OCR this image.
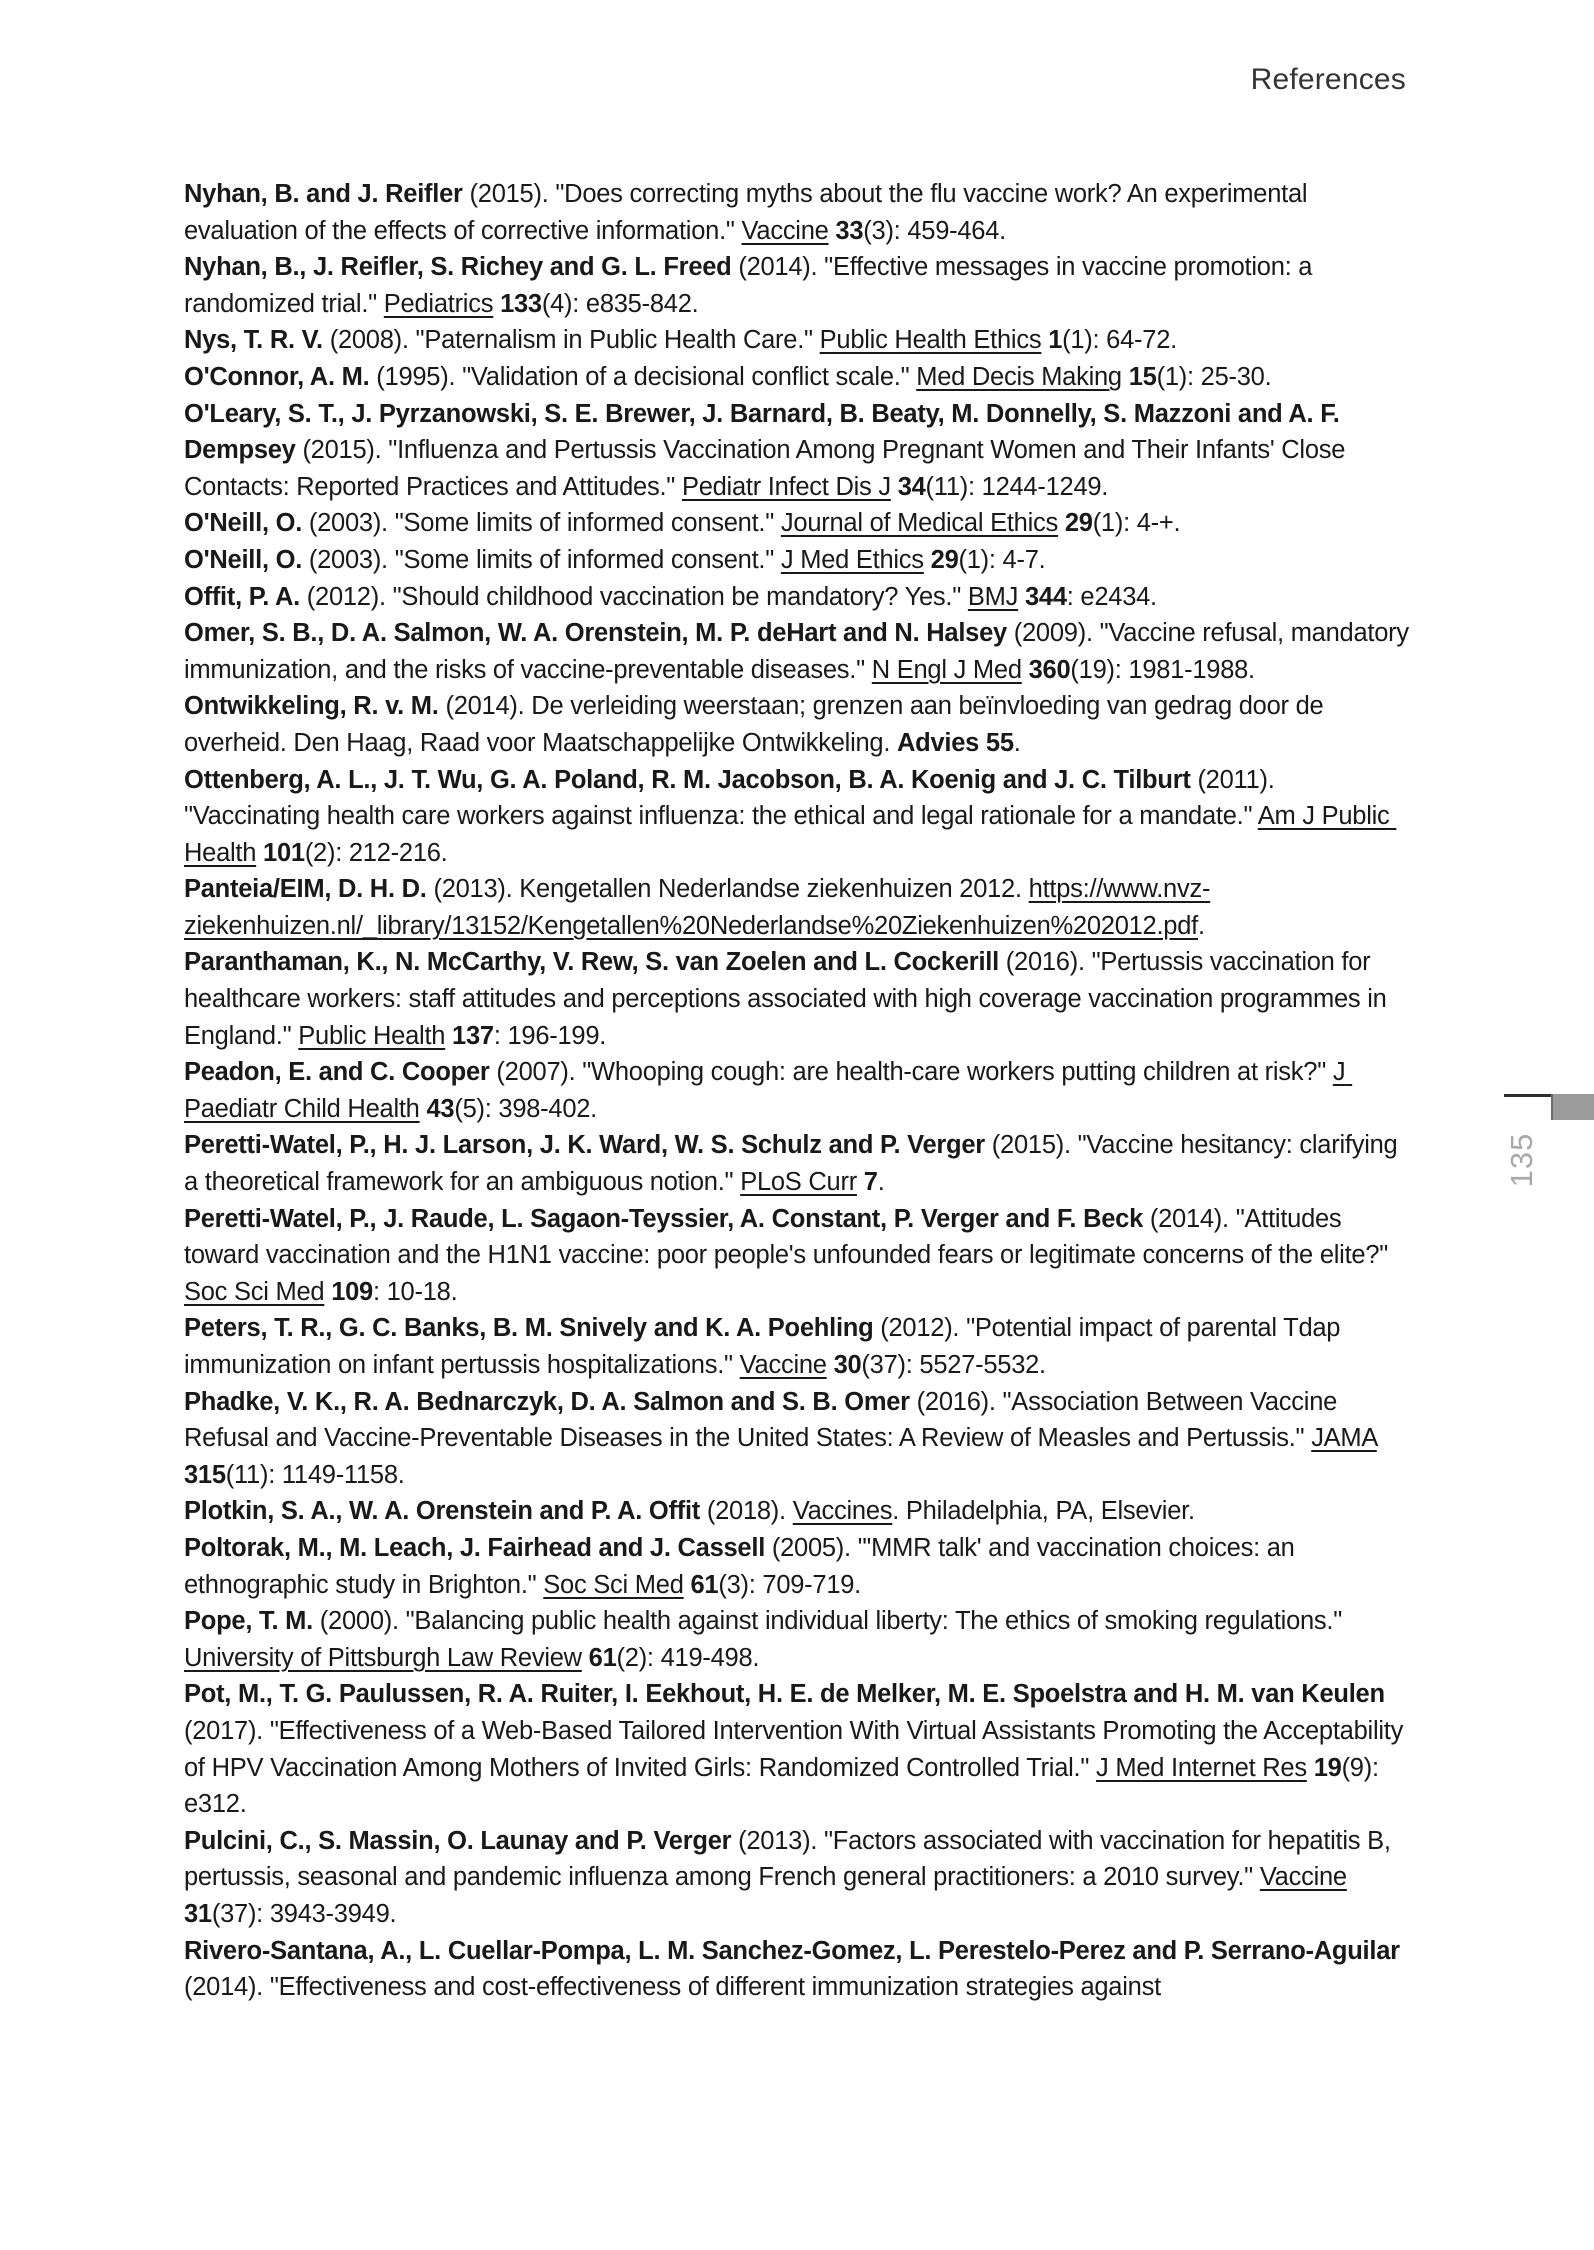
References

Nyhan, B. and J. Reifler (2015). "Does correcting myths about the flu vaccine work? An experimental evaluation of the effects of corrective information." Vaccine 33(3): 459-464.

Nyhan, B., J. Reifler, S. Richey and G. L. Freed (2014). "Effective messages in vaccine promotion: a randomized trial." Pediatrics 133(4): e835-842.

Nys, T. R. V. (2008). "Paternalism in Public Health Care." Public Health Ethics 1(1): 64-72.

O'Connor, A. M. (1995). "Validation of a decisional conflict scale." Med Decis Making 15(1): 25-30.

O'Leary, S. T., J. Pyrzanowski, S. E. Brewer, J. Barnard, B. Beaty, M. Donnelly, S. Mazzoni and A. F. Dempsey (2015). "Influenza and Pertussis Vaccination Among Pregnant Women and Their Infants' Close Contacts: Reported Practices and Attitudes." Pediatr Infect Dis J 34(11): 1244-1249.

O'Neill, O. (2003). "Some limits of informed consent." Journal of Medical Ethics 29(1): 4-+.

O'Neill, O. (2003). "Some limits of informed consent." J Med Ethics 29(1): 4-7.

Offit, P. A. (2012). "Should childhood vaccination be mandatory? Yes." BMJ 344: e2434.

Omer, S. B., D. A. Salmon, W. A. Orenstein, M. P. deHart and N. Halsey (2009). "Vaccine refusal, mandatory immunization, and the risks of vaccine-preventable diseases." N Engl J Med 360(19): 1981-1988.

Ontwikkeling, R. v. M. (2014). De verleiding weerstaan; grenzen aan beïnvloeding van gedrag door de overheid. Den Haag, Raad voor Maatschappelijke Ontwikkeling. Advies 55.

Ottenberg, A. L., J. T. Wu, G. A. Poland, R. M. Jacobson, B. A. Koenig and J. C. Tilburt (2011). "Vaccinating health care workers against influenza: the ethical and legal rationale for a mandate." Am J Public Health 101(2): 212-216.

Panteia/EIM, D. H. D. (2013). Kengetallen Nederlandse ziekenhuizen 2012. https://www.nvz-ziekenhuizen.nl/_library/13152/Kengetallen%20Nederlandse%20Ziekenhuizen%202012.pdf.

Paranthaman, K., N. McCarthy, V. Rew, S. van Zoelen and L. Cockerill (2016). "Pertussis vaccination for healthcare workers: staff attitudes and perceptions associated with high coverage vaccination programmes in England." Public Health 137: 196-199.

Peadon, E. and C. Cooper (2007). "Whooping cough: are health-care workers putting children at risk?" J Paediatr Child Health 43(5): 398-402.

Peretti-Watel, P., H. J. Larson, J. K. Ward, W. S. Schulz and P. Verger (2015). "Vaccine hesitancy: clarifying a theoretical framework for an ambiguous notion." PLoS Curr 7.

Peretti-Watel, P., J. Raude, L. Sagaon-Teyssier, A. Constant, P. Verger and F. Beck (2014). "Attitudes toward vaccination and the H1N1 vaccine: poor people's unfounded fears or legitimate concerns of the elite?" Soc Sci Med 109: 10-18.

Peters, T. R., G. C. Banks, B. M. Snively and K. A. Poehling (2012). "Potential impact of parental Tdap immunization on infant pertussis hospitalizations." Vaccine 30(37): 5527-5532.

Phadke, V. K., R. A. Bednarczyk, D. A. Salmon and S. B. Omer (2016). "Association Between Vaccine Refusal and Vaccine-Preventable Diseases in the United States: A Review of Measles and Pertussis." JAMA 315(11): 1149-1158.

Plotkin, S. A., W. A. Orenstein and P. A. Offit (2018). Vaccines. Philadelphia, PA, Elsevier.

Poltorak, M., M. Leach, J. Fairhead and J. Cassell (2005). "'MMR talk' and vaccination choices: an ethnographic study in Brighton." Soc Sci Med 61(3): 709-719.

Pope, T. M. (2000). "Balancing public health against individual liberty: The ethics of smoking regulations." University of Pittsburgh Law Review 61(2): 419-498.

Pot, M., T. G. Paulussen, R. A. Ruiter, I. Eekhout, H. E. de Melker, M. E. Spoelstra and H. M. van Keulen (2017). "Effectiveness of a Web-Based Tailored Intervention With Virtual Assistants Promoting the Acceptability of HPV Vaccination Among Mothers of Invited Girls: Randomized Controlled Trial." J Med Internet Res 19(9): e312.

Pulcini, C., S. Massin, O. Launay and P. Verger (2013). "Factors associated with vaccination for hepatitis B, pertussis, seasonal and pandemic influenza among French general practitioners: a 2010 survey." Vaccine 31(37): 3943-3949.

Rivero-Santana, A., L. Cuellar-Pompa, L. M. Sanchez-Gomez, L. Perestelo-Perez and P. Serrano-Aguilar (2014). "Effectiveness and cost-effectiveness of different immunization strategies against

135
